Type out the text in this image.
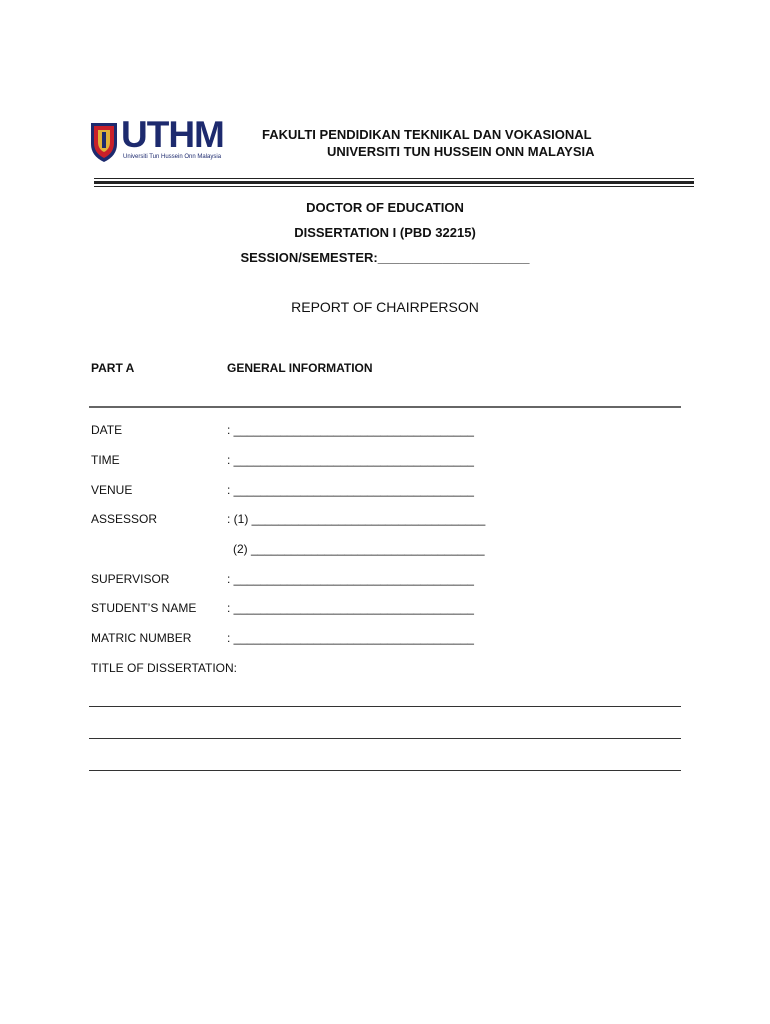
UTHM
Universiti Tun Hussein Onn Malaysia
FAKULTI PENDIDIKAN TEKNIKAL DAN VOKASIONAL
UNIVERSITI TUN HUSSEIN ONN MALAYSIA
DOCTOR OF EDUCATION
DISSERTATION I (PBD 32215)
SESSION/SEMESTER:_____________________
REPORT OF CHAIRPERSON
PART A	GENERAL INFORMATION
DATE	: ____________________________________
TIME	: ____________________________________
VENUE	: ____________________________________
ASSESSOR	: (1) ___________________________________
(2) ___________________________________
SUPERVISOR	: ____________________________________
STUDENT’S NAME	: ____________________________________
MATRIC NUMBER	: ____________________________________
TITLE OF DISSERTATION:
